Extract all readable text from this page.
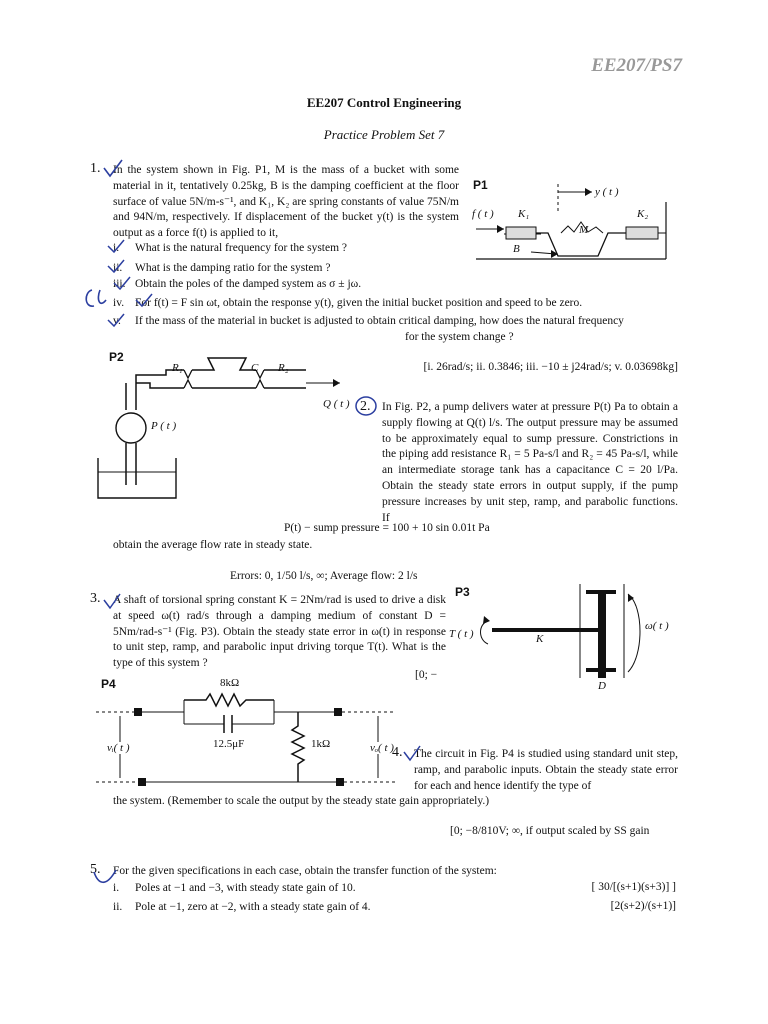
EE207/PS7
EE207 Control Engineering
Practice Problem Set 7
1. In the system shown in Fig. P1, M is the mass of a bucket with some material in it, tentatively 0.25kg, B is the damping coefficient at the floor surface of value 5N/m-s⁻¹, and K₁, K₂ are spring constants of value 75N/m and 94N/m, respectively. If displacement of the bucket y(t) is the system output as a force f(t) is applied to it,
i. What is the natural frequency for the system ?
ii. What is the damping ratio for the system ?
iii. Obtain the poles of the damped system as σ ± jω.
iv. For f(t) = F sin ωt, obtain the response y(t), given the initial bucket position and speed to be zero.
v. If the mass of the material in bucket is adjusted to obtain critical damping, how does the natural frequency
for the system change ?
[i. 26rad/s; ii. 0.3846; iii. −10 ± j24rad/s; v. 0.03698kg]
P1
f ( t )
y ( t )
K₁	K₂
M
B
P2
R₁	C R₂
Q ( t )
P ( t )
2. In Fig. P2, a pump delivers water at pressure P(t) Pa to obtain a supply flowing at Q(t) l/s. The output pressure may be assumed to be approximately equal to sump pressure. Constrictions in the piping add resistance R₁ = 5 Pa-s/l and R₂ = 45 Pa-s/l, while an intermediate storage tank has a capacitance C = 20 l/Pa. Obtain the steady state errors in output supply, if the pump pressure increases by unit step, ramp, and parabolic functions. If
P(t) − sump pressure = 100 + 10 sin 0.01t Pa
obtain the average flow rate in steady state.
Errors: 0, 1/50 l/s, ∞; Average flow: 2 l/s
3. A shaft of torsional spring constant K = 2Nm/rad is used to drive a disk at speed ω(t) rad/s through a damping medium of constant D = 5Nm/rad-s⁻¹ (Fig. P3). Obtain the steady state error in ω(t) in response to unit step, ramp, and parabolic input driving torque T(t). What is the type of this system ?
[0; −
P3
T ( t )	K
ω( t )
D
P4	8kΩ
12.5μF	1kΩ
vᵢ( t )	vₒ( t )
4. The circuit in Fig. P4 is studied using standard unit step, ramp, and parabolic inputs. Obtain the steady state error for each and hence identify the type of
the system. (Remember to scale the output by the steady state gain appropriately.)
[0; −8/810V; ∞, if output scaled by SS gain
5. For the given specifications in each case, obtain the transfer function of the system:
i. Poles at −1 and −3, with steady state gain of 10.	[ 30/[(s+1)(s+3)] ]
ii. Pole at −1, zero at −2, with a steady state gain of 4.	[2(s+2)/(s+1)]
